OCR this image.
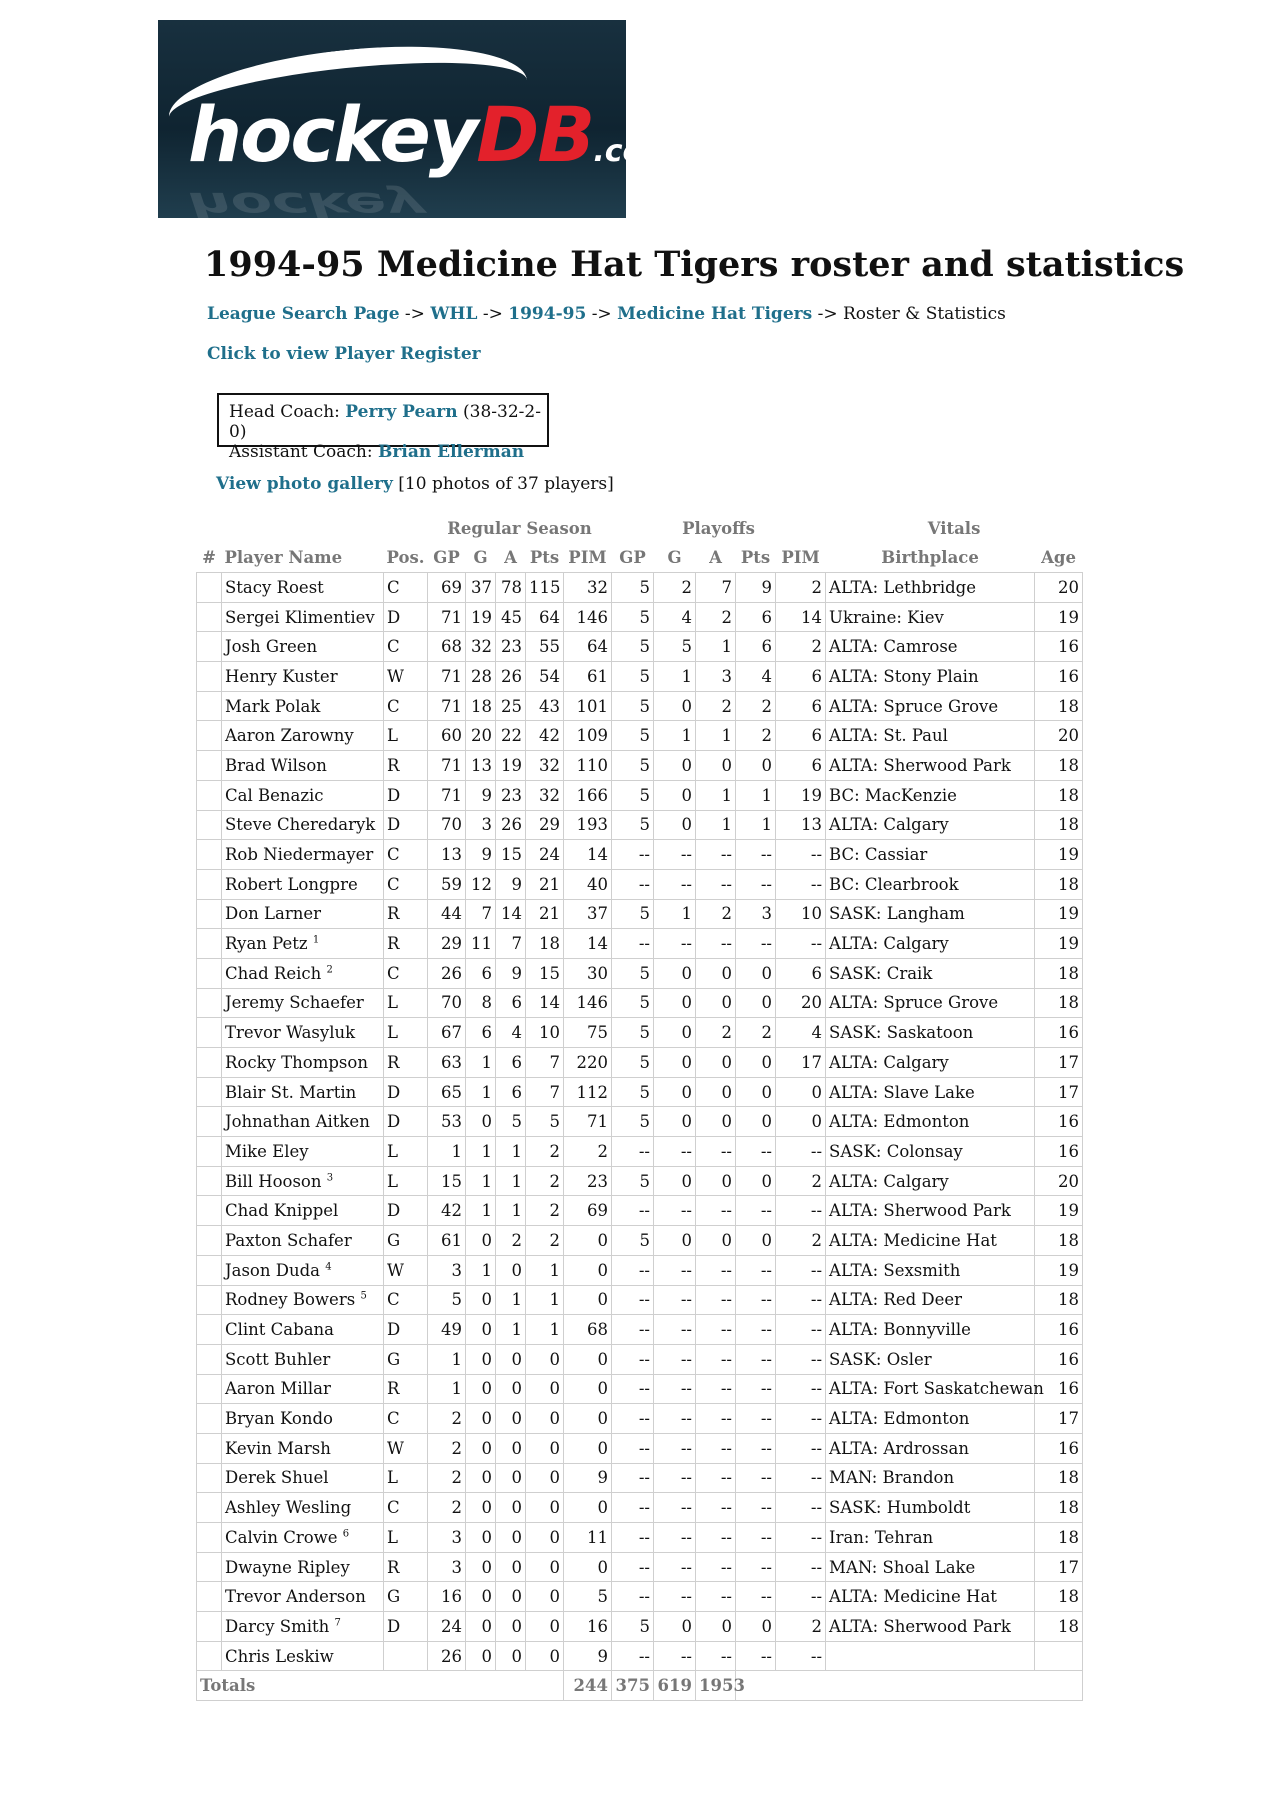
hockeyDB.com
hockey
1994-95 Medicine Hat Tigers roster and statistics
League Search Page -> WHL -> 1994-95 -> Medicine Hat Tigers -> Roster & Statistics
Click to view Player Register
Head Coach: Perry Pearn (38-32-2-0)
Assistant Coach: Brian Ellerman
View photo gallery [10 photos of 37 players]
			Regular Season					Playoffs					Vitals	
#	Player Name	Pos.	GP	G	A	Pts	PIM	GP	G	A	Pts	PIM	Birthplace	Age
	Stacy Roest	C	69	37	78	115	32	5	2	7	9	2	ALTA: Lethbridge	20
	Sergei Klimentiev	D	71	19	45	64	146	5	4	2	6	14	Ukraine: Kiev	19
	Josh Green	C	68	32	23	55	64	5	5	1	6	2	ALTA: Camrose	16
	Henry Kuster	W	71	28	26	54	61	5	1	3	4	6	ALTA: Stony Plain	16
	Mark Polak	C	71	18	25	43	101	5	0	2	2	6	ALTA: Spruce Grove	18
	Aaron Zarowny	L	60	20	22	42	109	5	1	1	2	6	ALTA: St. Paul	20
	Brad Wilson	R	71	13	19	32	110	5	0	0	0	6	ALTA: Sherwood Park	18
	Cal Benazic	D	71	9	23	32	166	5	0	1	1	19	BC: MacKenzie	18
	Steve Cheredaryk	D	70	3	26	29	193	5	0	1	1	13	ALTA: Calgary	18
	Rob Niedermayer	C	13	9	15	24	14	--	--	--	--	--	BC: Cassiar	19
	Robert Longpre	C	59	12	9	21	40	--	--	--	--	--	BC: Clearbrook	18
	Don Larner	R	44	7	14	21	37	5	1	2	3	10	SASK: Langham	19
	Ryan Petz $^1$	R	29	11	7	18	14	--	--	--	--	--	ALTA: Calgary	19
	Chad Reich $^2$	C	26	6	9	15	30	5	0	0	0	6	SASK: Craik	18
	Jeremy Schaefer	L	70	8	6	14	146	5	0	0	0	20	ALTA: Spruce Grove	18
	Trevor Wasyluk	L	67	6	4	10	75	5	0	2	2	4	SASK: Saskatoon	16
	Rocky Thompson	R	63	1	6	7	220	5	0	0	0	17	ALTA: Calgary	17
	Blair St. Martin	D	65	1	6	7	112	5	0	0	0	0	ALTA: Slave Lake	17
	Johnathan Aitken	D	53	0	5	5	71	5	0	0	0	0	ALTA: Edmonton	16
	Mike Eley	L	1	1	1	2	2	--	--	--	--	--	SASK: Colonsay	16
	Bill Hooson $^3$	L	15	1	1	2	23	5	0	0	0	2	ALTA: Calgary	20
	Chad Knippel	D	42	1	1	2	69	--	--	--	--	--	ALTA: Sherwood Park	19
	Paxton Schafer	G	61	0	2	2	0	5	0	0	0	2	ALTA: Medicine Hat	18
	Jason Duda $^4$	W	3	1	0	1	0	--	--	--	--	--	ALTA: Sexsmith	19
	Rodney Bowers $^5$	C	5	0	1	1	0	--	--	--	--	--	ALTA: Red Deer	18
	Clint Cabana	D	49	0	1	1	68	--	--	--	--	--	ALTA: Bonnyville	16
	Scott Buhler	G	1	0	0	0	0	--	--	--	--	--	SASK: Osler	16
	Aaron Millar	R	1	0	0	0	0	--	--	--	--	--	ALTA: Fort Saskatchewan	16
	Bryan Kondo	C	2	0	0	0	0	--	--	--	--	--	ALTA: Edmonton	17
	Kevin Marsh	W	2	0	0	0	0	--	--	--	--	--	ALTA: Ardrossan	16
	Derek Shuel	L	2	0	0	0	9	--	--	--	--	--	MAN: Brandon	18
	Ashley Wesling	C	2	0	0	0	0	--	--	--	--	--	SASK: Humboldt	18
	Calvin Crowe $^6$	L	3	0	0	0	11	--	--	--	--	--	Iran: Tehran	18
	Dwayne Ripley	R	3	0	0	0	0	--	--	--	--	--	MAN: Shoal Lake	17
	Trevor Anderson	G	16	0	0	0	5	--	--	--	--	--	ALTA: Medicine Hat	18
	Darcy Smith $^7$	D	24	0	0	0	16	5	0	0	0	2	ALTA: Sherwood Park	18
	Chris Leskiw		26	0	0	0	9	--	--	--	--	--		
Totals							244	375	619	1953				
